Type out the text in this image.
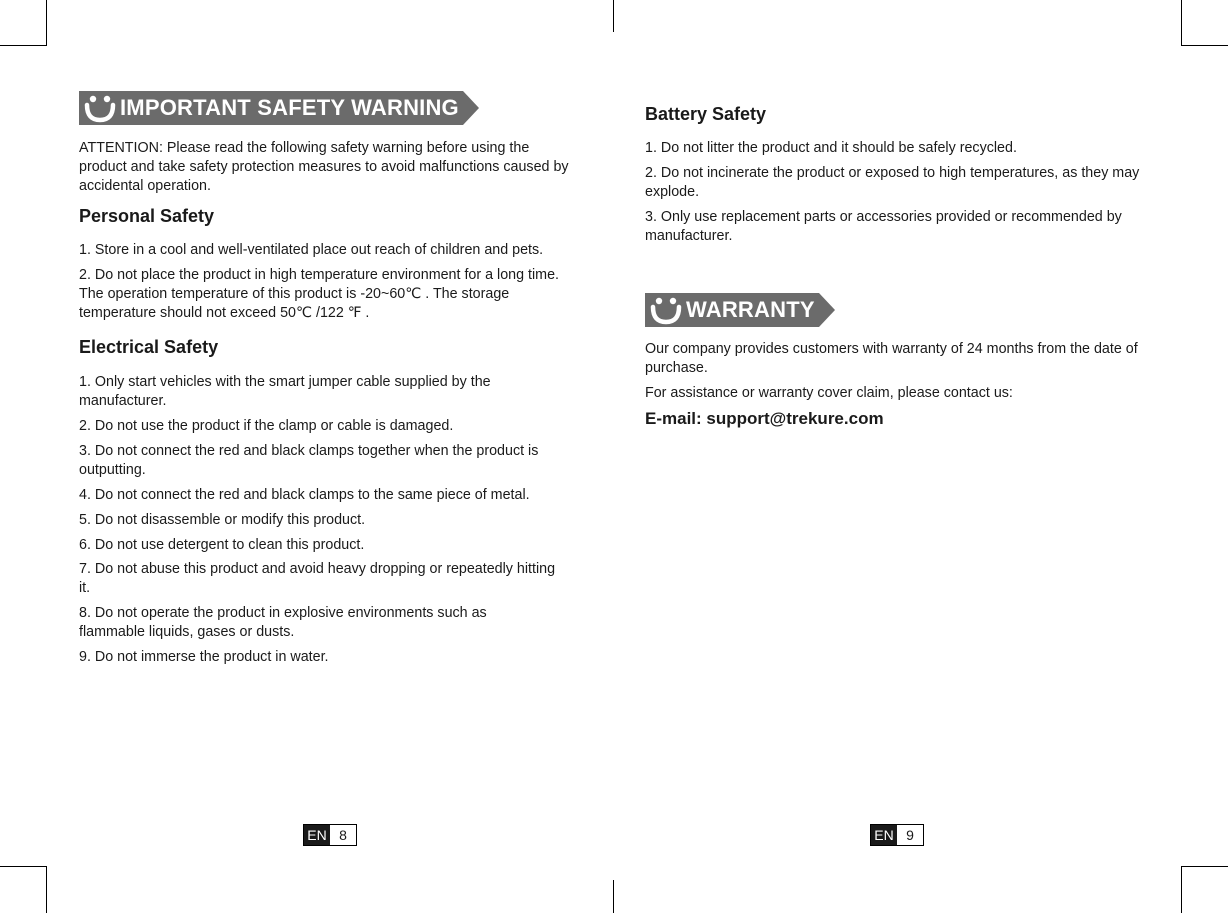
IMPORTANT SAFETY WARNING

ATTENTION: Please read the following safety warning before using the product and take safety protection measures to avoid malfunctions caused by accidental operation.

Personal Safety

1. Store in a cool and well-ventilated place out reach of children and pets.

2. Do not place the product in high temperature environment for a long time. The operation temperature of this product is -20~60℃ . The storage temperature should not exceed 50℃ /122 ℉ .

Electrical Safety

1. Only start vehicles with the smart jumper cable supplied by the manufacturer.

2. Do not use the product if the clamp or cable is damaged.

3. Do not connect the red and black clamps together when the product is outputting.

4. Do not connect the red and black clamps to the same piece of metal.

5. Do not disassemble or modify this product.

6. Do not use detergent to clean this product.

7. Do not abuse this product and avoid heavy dropping or repeatedly hitting it.

8. Do not operate the product in explosive environments such as flammable liquids, gases or dusts.

9. Do not immerse the product in water.

EN 8
Battery Safety

1. Do not litter the product and it should be safely recycled.

2. Do not incinerate the product or exposed to high temperatures, as they may explode.

3. Only use replacement parts or accessories provided or recommended by manufacturer.

WARRANTY

Our company provides customers with warranty of 24 months from the date of purchase.

For assistance or warranty cover claim, please contact us:

E-mail: support@trekure.com
EN 9
